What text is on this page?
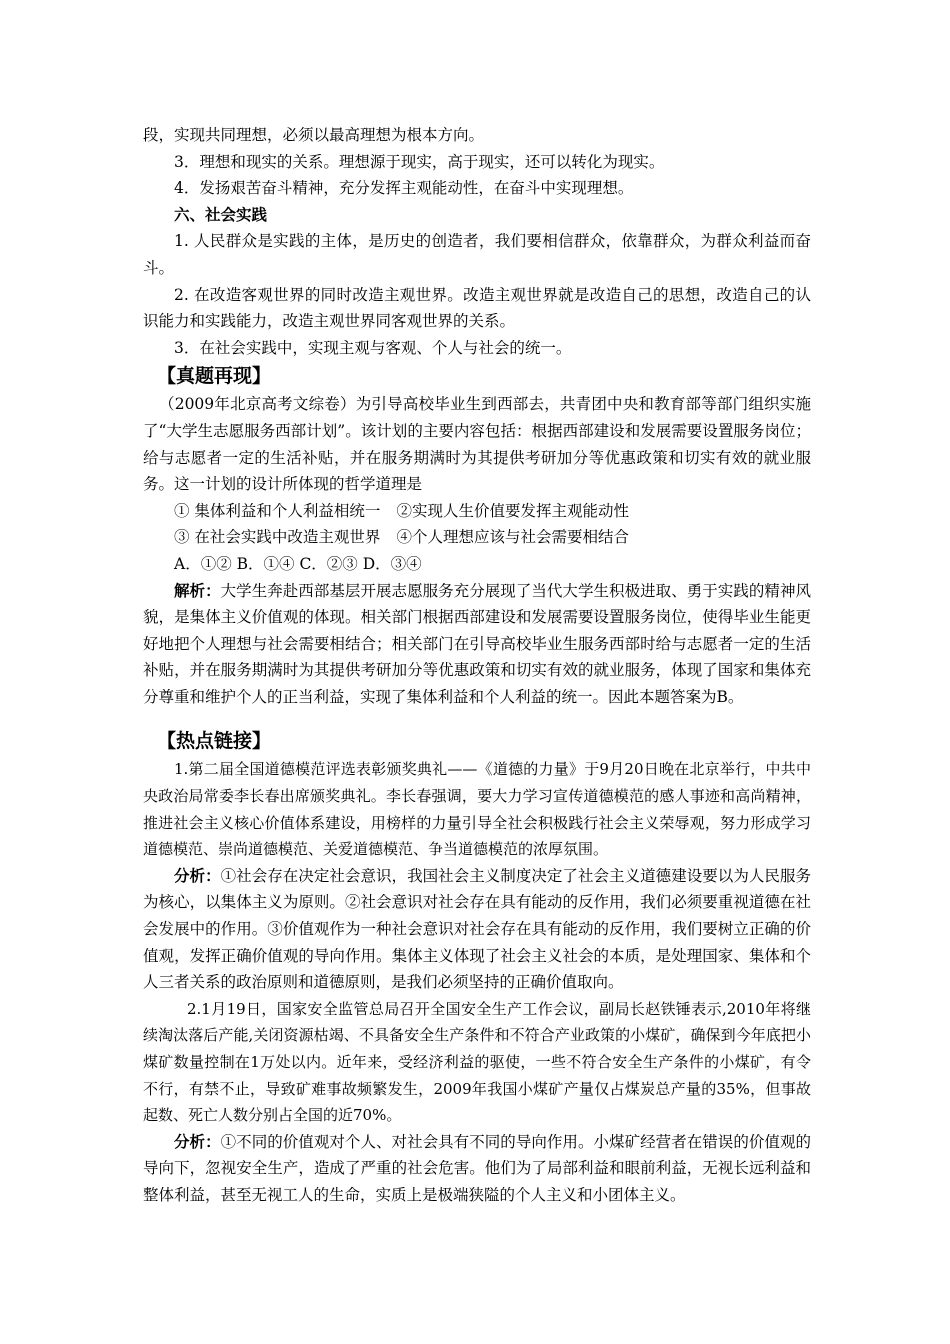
段，实现共同理想，必须以最高理想为根本方向。

3．理想和现实的关系。理想源于现实，高于现实，还可以转化为现实。

4．发扬艰苦奋斗精神，充分发挥主观能动性，在奋斗中实现理想。

六、社会实践

1. 人民群众是实践的主体，是历史的创造者，我们要相信群众，依靠群众，为群众利益而奋斗。

2. 在改造客观世界的同时改造主观世界。改造主观世界就是改造自己的思想，改造自己的认识能力和实践能力，改造主观世界同客观世界的关系。

3．在社会实践中，实现主观与客观、个人与社会的统一。

【真题再现】

（2009年北京高考文综卷）为引导高校毕业生到西部去，共青团中央和教育部等部门组织实施了“大学生志愿服务西部计划”。该计划的主要内容包括：根据西部建设和发展需要设置服务岗位；给与志愿者一定的生活补贴，并在服务期满时为其提供考研加分等优惠政策和切实有效的就业服务。这一计划的设计所体现的哲学道理是

① 集体利益和个人利益相统一 ②实现人生价值要发挥主观能动性

③ 在社会实践中改造主观世界 ④个人理想应该与社会需要相结合

A．①② B．①④ C．②③ D．③④

解析：大学生奔赴西部基层开展志愿服务充分展现了当代大学生积极进取、勇于实践的精神风貌，是集体主义价值观的体现。相关部门根据西部建设和发展需要设置服务岗位，使得毕业生能更好地把个人理想与社会需要相结合；相关部门在引导高校毕业生服务西部时给与志愿者一定的生活补贴，并在服务期满时为其提供考研加分等优惠政策和切实有效的就业服务，体现了国家和集体充分尊重和维护个人的正当利益，实现了集体利益和个人利益的统一。因此本题答案为B。

【热点链接】

1.第二届全国道德模范评选表彰颁奖典礼——《道德的力量》于9月20日晚在北京举行，中共中央政治局常委李长春出席颁奖典礼。李长春强调，要大力学习宣传道德模范的感人事迹和高尚精神，推进社会主义核心价值体系建设，用榜样的力量引导全社会积极践行社会主义荣辱观，努力形成学习道德模范、崇尚道德模范、关爱道德模范、争当道德模范的浓厚氛围。

分析：①社会存在决定社会意识，我国社会主义制度决定了社会主义道德建设要以为人民服务为核心，以集体主义为原则。②社会意识对社会存在具有能动的反作用，我们必须要重视道德在社会发展中的作用。③价值观作为一种社会意识对社会存在具有能动的反作用，我们要树立正确的价值观，发挥正确价值观的导向作用。集体主义体现了社会主义社会的本质，是处理国家、集体和个人三者关系的政治原则和道德原则，是我们必须坚持的正确价值取向。

2.1月19日，国家安全监管总局召开全国安全生产工作会议，副局长赵铁锤表示,2010年将继续淘汰落后产能,关闭资源枯竭、不具备安全生产条件和不符合产业政策的小煤矿，确保到今年底把小煤矿数量控制在1万处以内。近年来，受经济利益的驱使，一些不符合安全生产条件的小煤矿，有令不行，有禁不止，导致矿难事故频繁发生，2009年我国小煤矿产量仅占煤炭总产量的35%，但事故起数、死亡人数分别占全国的近70%。

分析：①不同的价值观对个人、对社会具有不同的导向作用。小煤矿经营者在错误的价值观的导向下，忽视安全生产，造成了严重的社会危害。他们为了局部利益和眼前利益，无视长远利益和整体利益，甚至无视工人的生命，实质上是极端狭隘的个人主义和小团体主义。
